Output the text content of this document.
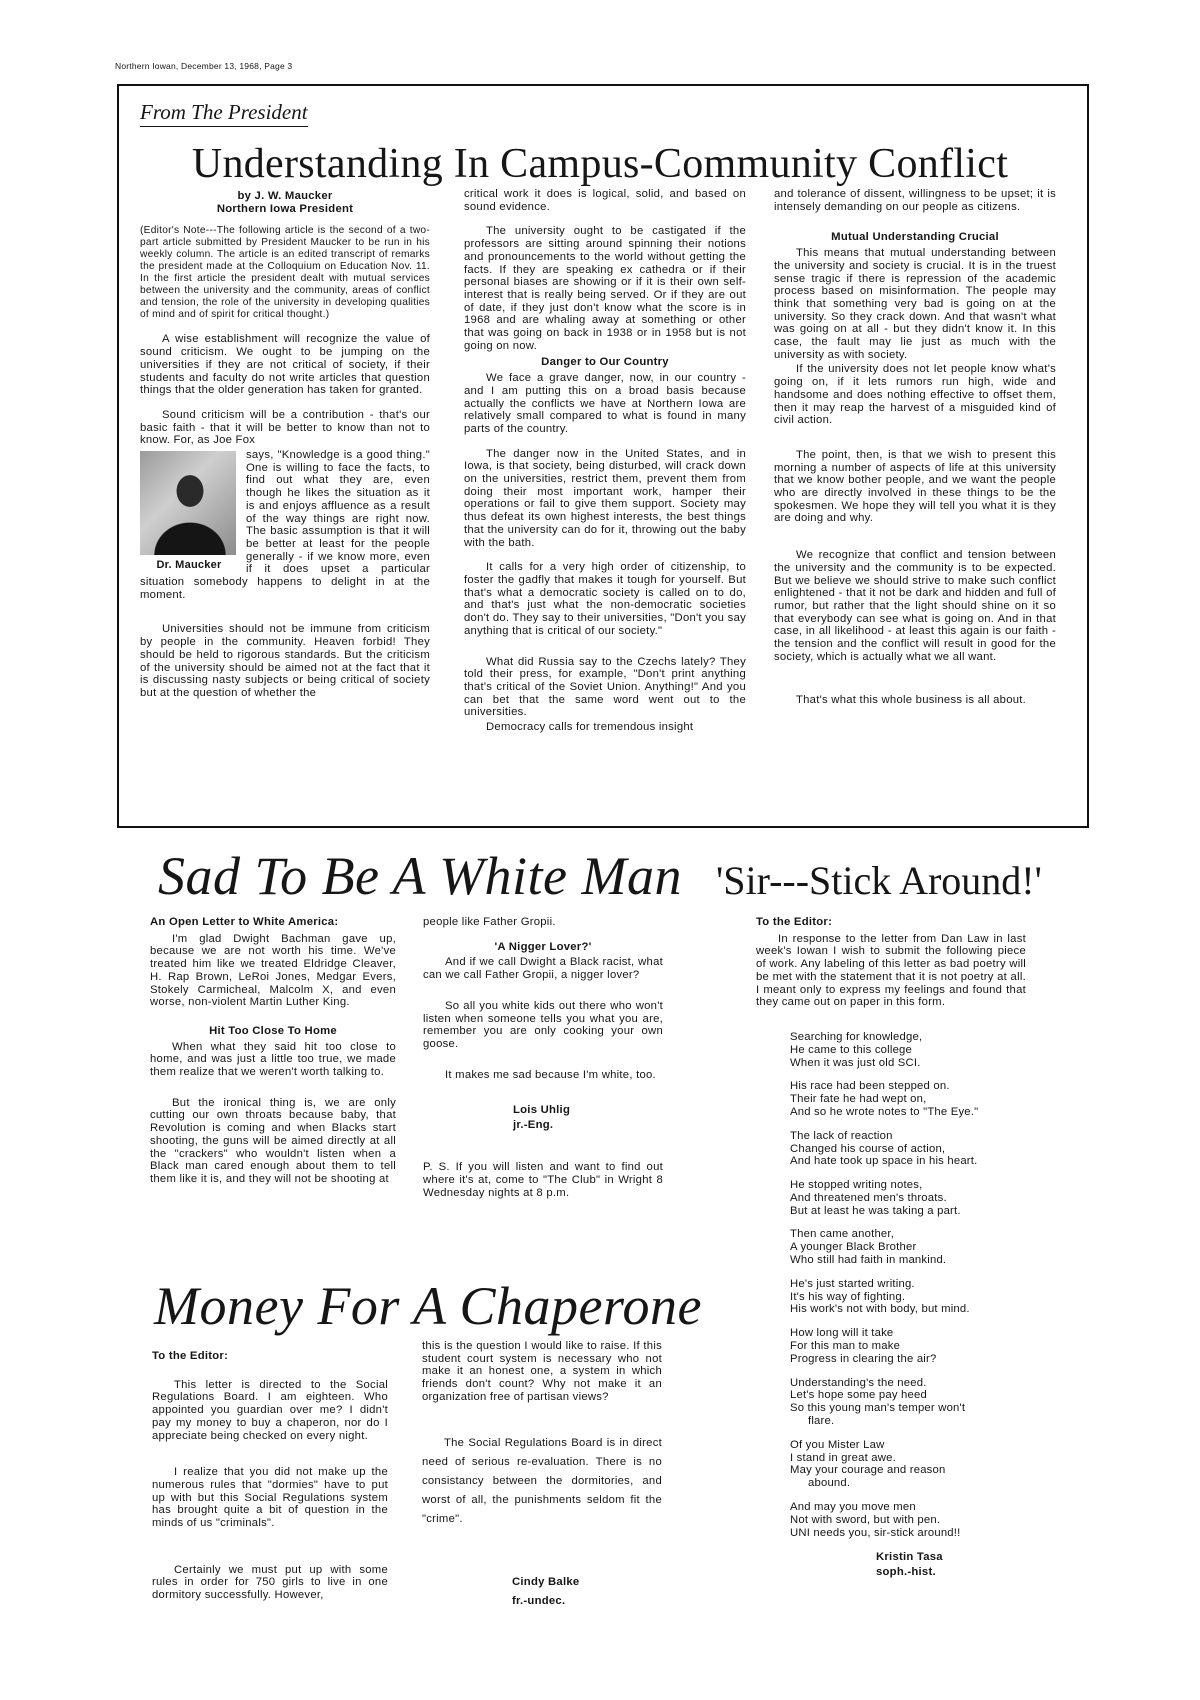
Northern Iowan, December 13, 1968, Page 3
From The President
Understanding In Campus-Community Conflict
by J. W. Maucker
Northern Iowa President

(Editor's Note---The following article is the second of a two-part article submitted by President Maucker to be run in his weekly column. The article is an edited transcript of remarks the president made at the Colloquium on Education Nov. 11. In the first article the president dealt with mutual services between the university and the community, areas of conflict and tension, the role of the university in developing qualities of mind and of spirit for critical thought.)

A wise establishment will recognize the value of sound criticism. We ought to be jumping on the universities if they are not critical of society, if their students and faculty do not write articles that question things that the older generation has taken for granted.

Sound criticism will be a contribution - that's our basic faith - that it will be better to know than not to know. For, as Joe Fox

Dr. Maucker

says, "Knowledge is a good thing." One is willing to face the facts, to find out what they are, even though he likes the situation as it is and enjoys affluence as a result of the way things are right now. The basic assumption is that it will be better at least for the people generally - if we know more, even if it does upset a particular situation somebody happens to delight in at the moment.

Universities should not be immune from criticism by people in the community. Heaven forbid! They should be held to rigorous standards. But the criticism of the university should be aimed not at the fact that it is discussing nasty subjects or being critical of society but at the question of whether the

critical work it does is logical, solid, and based on sound evidence.

The university ought to be castigated if the professors are sitting around spinning their notions and pronouncements to the world without getting the facts. If they are speaking ex cathedra or if their personal biases are showing or if it is their own self-interest that is really being served. Or if they are out of date, if they just don't know what the score is in 1968 and are whaling away at something or other that was going on back in 1938 or in 1958 but is not going on now.

Danger to Our Country

We face a grave danger, now, in our country - and I am putting this on a broad basis because actually the conflicts we have at Northern Iowa are relatively small compared to what is found in many parts of the country.

The danger now in the United States, and in Iowa, is that society, being disturbed, will crack down on the universities, restrict them, prevent them from doing their most important work, hamper their operations or fail to give them support. Society may thus defeat its own highest interests, the best things that the university can do for it, throwing out the baby with the bath.

It calls for a very high order of citizenship, to foster the gadfly that makes it tough for yourself. But that's what a democratic society is called on to do, and that's just what the non-democratic societies don't do. They say to their universities, "Don't you say anything that is critical of our society."

What did Russia say to the Czechs lately? They told their press, for example, "Don't print anything that's critical of the Soviet Union. Anything!" And you can bet that the same word went out to the universities.

Democracy calls for tremendous insight

and tolerance of dissent, willingness to be upset; it is intensely demanding on our people as citizens.

Mutual Understanding Crucial

This means that mutual understanding between the university and society is crucial. It is in the truest sense tragic if there is repression of the academic process based on misinformation. The people may think that something very bad is going on at the university. So they crack down. And that wasn't what was going on at all - but they didn't know it. In this case, the fault may lie just as much with the university as with society.

If the university does not let people know what's going on, if it lets rumors run high, wide and handsome and does nothing effective to offset them, then it may reap the harvest of a misguided kind of civil action.

The point, then, is that we wish to present this morning a number of aspects of life at this university that we know bother people, and we want the people who are directly involved in these things to be the spokesmen. We hope they will tell you what it is they are doing and why.

We recognize that conflict and tension between the university and the community is to be expected. But we believe we should strive to make such conflict enlightened - that it not be dark and hidden and full of rumor, but rather that the light should shine on it so that everybody can see what is going on. And in that case, in all likelihood - at least this again is our faith - the tension and the conflict will result in good for the society, which is actually what we all want.

That's what this whole business is all about.

Sad To Be A White Man
An Open Letter to White America:

I'm glad Dwight Bachman gave up, because we are not worth his time. We've treated him like we treated Eldridge Cleaver, H. Rap Brown, LeRoi Jones, Medgar Evers, Stokely Carmicheal, Malcolm X, and even worse, non-violent Martin Luther King.

Hit Too Close To Home

When what they said hit too close to home, and was just a little too true, we made them realize that we weren't worth talking to.

But the ironical thing is, we are only cutting our own throats because baby, that Revolution is coming and when Blacks start shooting, the guns will be aimed directly at all the "crackers" who wouldn't listen when a Black man cared enough about them to tell them like it is, and they will not be shooting at

people like Father Gropii.

'A Nigger Lover?'

And if we call Dwight a Black racist, what can we call Father Gropii, a nigger lover?

So all you white kids out there who won't listen when someone tells you what you are, remember you are only cooking your own goose.

It makes me sad because I'm white, too.

Lois Uhlig
jr.-Eng.

P. S. If you will listen and want to find out where it's at, come to "The Club" in Wright 8 Wednesday nights at 8 p.m.

'Sir---Stick Around!'
To the Editor:

In response to the letter from Dan Law in last week's Iowan I wish to submit the following piece of work. Any labeling of this letter as bad poetry will be met with the statement that it is not poetry at all. I meant only to express my feelings and found that they came out on paper in this form.

Searching for knowledge,
He came to this college
When it was just old SCI.
His race had been stepped on.
Their fate he had wept on,
And so he wrote notes to "The Eye."
The lack of reaction
Changed his course of action,
And hate took up space in his heart.
He stopped writing notes,
And threatened men's throats.
But at least he was taking a part.
Then came another,
A younger Black Brother
Who still had faith in mankind.
He's just started writing.
It's his way of fighting.
His work's not with body, but mind.
How long will it take
For this man to make
Progress in clearing the air?
Understanding's the need.
Let's hope some pay heed
So this young man's temper won't
flare.
Of you Mister Law
I stand in great awe.
May your courage and reason
abound.
And may you move men
Not with sword, but with pen.
UNI needs you, sir-stick around!!
Kristin Tasa
soph.-hist.
Money For A Chaperone
To the Editor:

This letter is directed to the Social Regulations Board. I am eighteen. Who appointed you guardian over me? I didn't pay my money to buy a chaperon, nor do I appreciate being checked on every night.

I realize that you did not make up the numerous rules that "dormies" have to put up with but this Social Regulations system has brought quite a bit of question in the minds of us "criminals".

Certainly we must put up with some rules in order for 750 girls to live in one dormitory successfully. However,

this is the question I would like to raise. If this student court system is necessary who not make it an honest one, a system in which friends don't count? Why not make it an organization free of partisan views?

The Social Regulations Board is in direct need of serious re-evaluation. There is no consistancy between the dormitories, and worst of all, the punishments seldom fit the "crime".

Cindy Balke
fr.-undec.
